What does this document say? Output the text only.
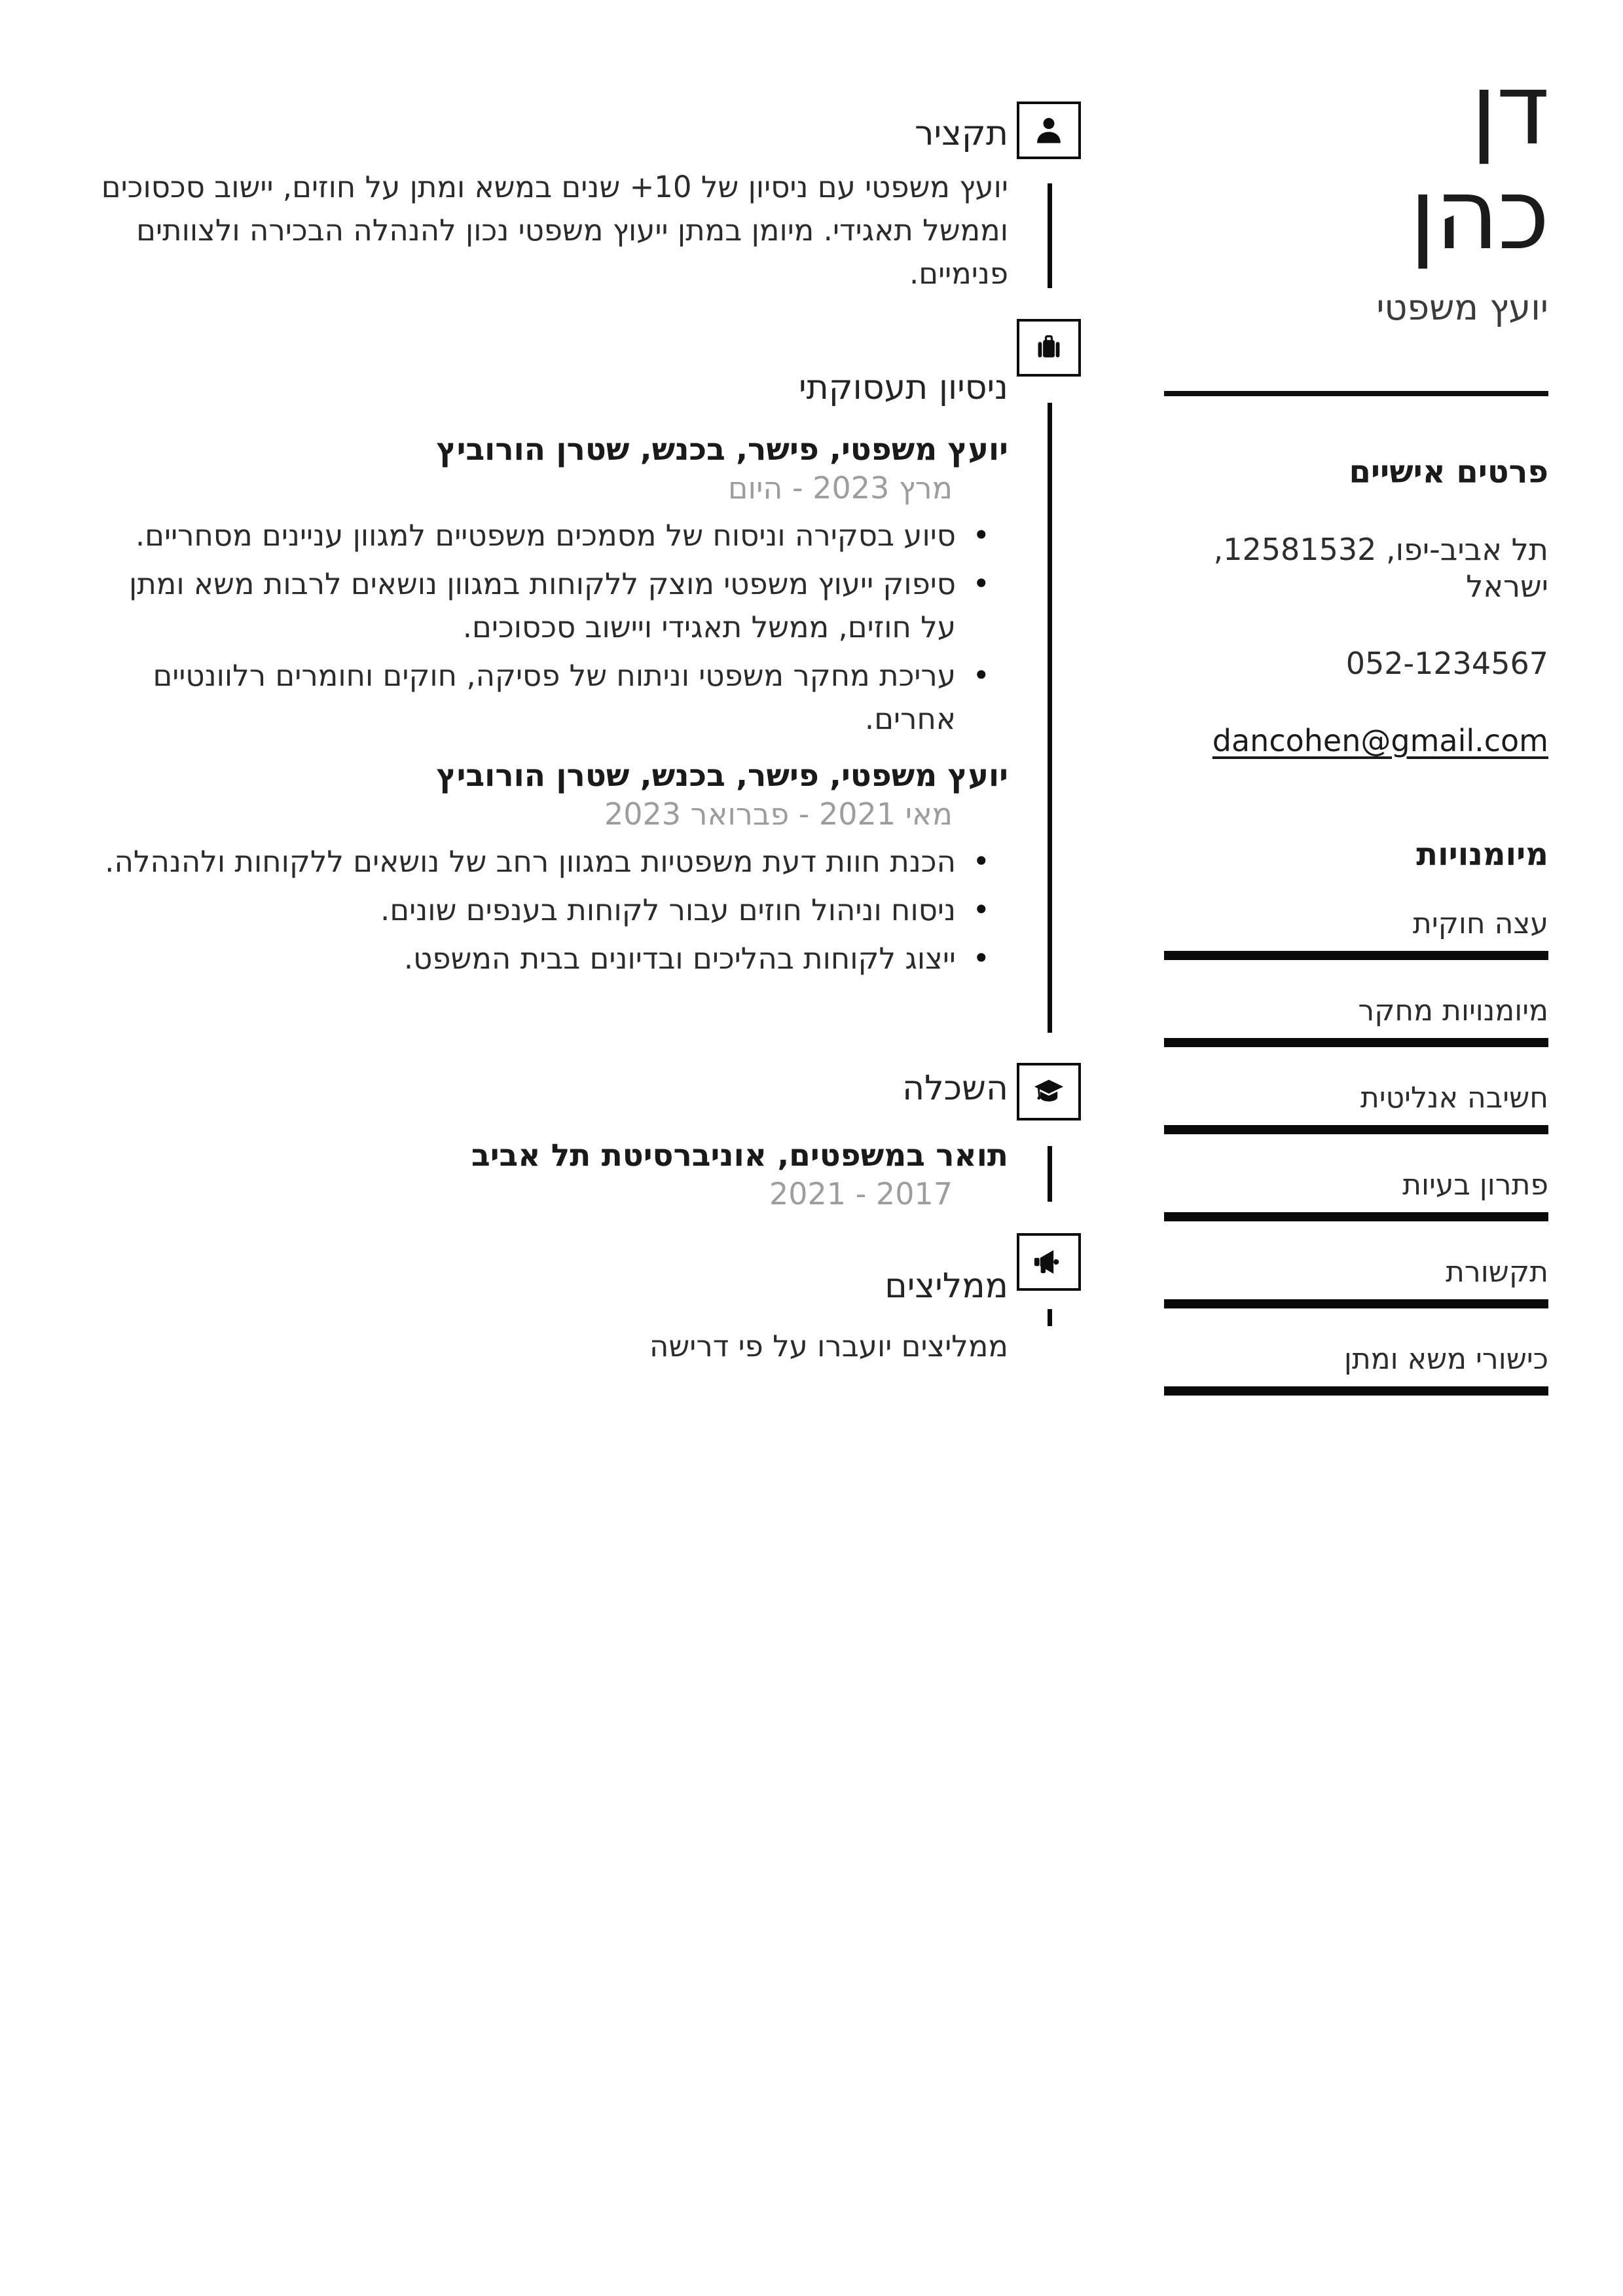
דן
כהן
יועץ משפטי
פרטים אישיים
תל אביב-יפו, 12581532, ישראל
052-1234567
dancohen@gmail.com
מיומנויות
עצה חוקית
מיומנויות מחקר
חשיבה אנליטית
פתרון בעיות
תקשורת
כישורי משא ומתן
תקציר
יועץ משפטי עם ניסיון של 10+ שנים במשא ומתן על חוזים, יישוב סכסוכים וממשל תאגידי. מיומן במתן ייעוץ משפטי נכון להנהלה הבכירה ולצוותים פנימיים.
ניסיון תעסוקתי
יועץ משפטי, פישר, בכנש, שטרן הורוביץ
מרץ 2023 - היום
• סיוע בסקירה וניסוח של מסמכים משפטיים למגוון עניינים מסחריים.
• סיפוק ייעוץ משפטי מוצק ללקוחות במגוון נושאים לרבות משא ומתן על חוזים, ממשל תאגידי ויישוב סכסוכים.
• עריכת מחקר משפטי וניתוח של פסיקה, חוקים וחומרים רלוונטיים אחרים.
יועץ משפטי, פישר, בכנש, שטרן הורוביץ
מאי 2021 - פברואר 2023
• הכנת חוות דעת משפטיות במגוון רחב של נושאים ללקוחות ולהנהלה.
• ניסוח וניהול חוזים עבור לקוחות בענפים שונים.
• ייצוג לקוחות בהליכים ובדיונים בבית המשפט.
השכלה
תואר במשפטים, אוניברסיטת תל אביב
2017 - 2021
ממליצים
ממליצים יועברו על פי דרישה
